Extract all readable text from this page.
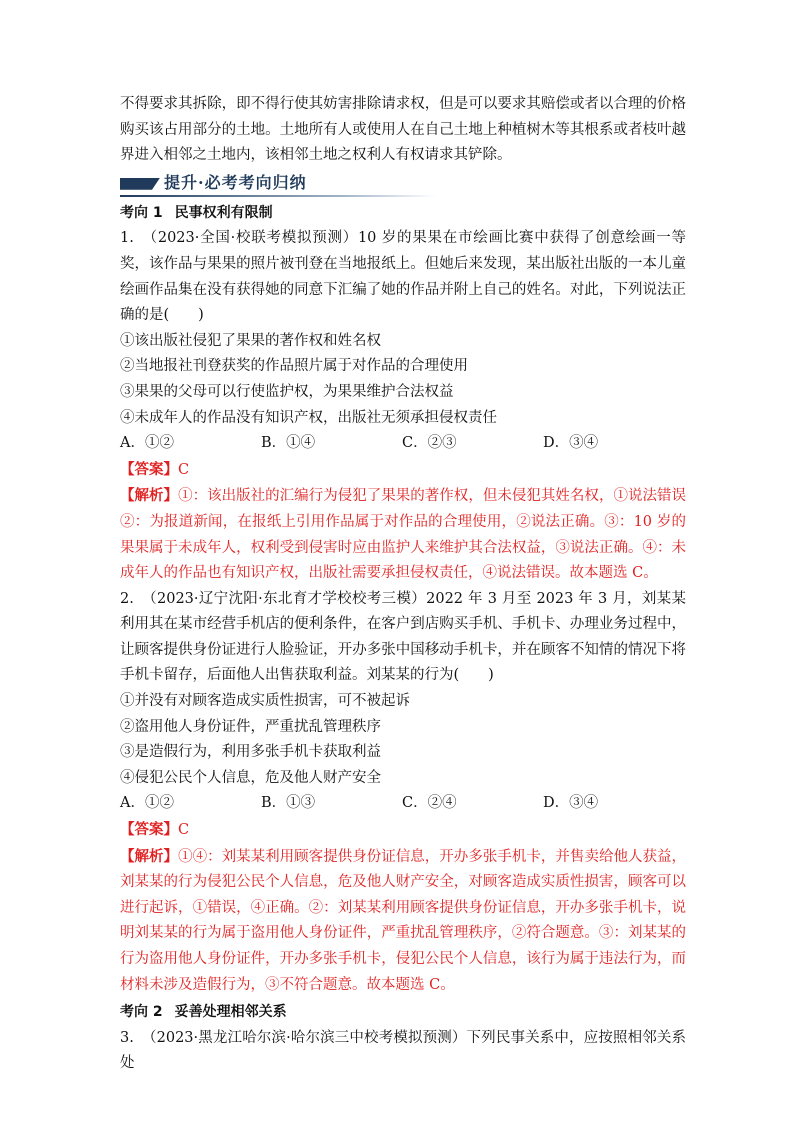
不得要求其拆除，即不得行使其妨害排除请求权，但是可以要求其赔偿或者以合理的价格购买该占用部分的土地。土地所有人或使用人在自己土地上种植树木等其根系或者枝叶越界进入相邻之土地内，该相邻土地之权利人有权请求其铲除。

提升·必考考向归纳

考向 1 民事权利有限制

1. （2023·全国·校联考模拟预测）10 岁的果果在市绘画比赛中获得了创意绘画一等奖，该作品与果果的照片被刊登在当地报纸上。但她后来发现，某出版社出版的一本儿童绘画作品集在没有获得她的同意下汇编了她的作品并附上自己的姓名。对此，下列说法正确的是(　　)

①该出版社侵犯了果果的著作权和姓名权

②当地报社刊登获奖的作品照片属于对作品的合理使用

③果果的父母可以行使监护权，为果果维护合法权益

④未成年人的作品没有知识产权，出版社无须承担侵权责任

A．①②	B．①④	C．②③	D．③④

【答案】C

【解析】①：该出版社的汇编行为侵犯了果果的著作权，但未侵犯其姓名权，①说法错误②：为报道新闻，在报纸上引用作品属于对作品的合理使用，②说法正确。③：10 岁的果果属于未成年人，权利受到侵害时应由监护人来维护其合法权益，③说法正确。④：未成年人的作品也有知识产权，出版社需要承担侵权责任，④说法错误。故本题选 C。

2. （2023·辽宁沈阳·东北育才学校校考三模）2022 年 3 月至 2023 年 3 月，刘某某利用其在某市经营手机店的便利条件，在客户到店购买手机、手机卡、办理业务过程中，让顾客提供身份证进行人脸验证，开办多张中国移动手机卡，并在顾客不知情的情况下将手机卡留存，后面他人出售获取利益。刘某某的行为(　　)

①并没有对顾客造成实质性损害，可不被起诉

②盗用他人身份证件，严重扰乱管理秩序

③是造假行为，利用多张手机卡获取利益

④侵犯公民个人信息，危及他人财产安全

A．①②	B．①③	C．②④	D．③④

【答案】C

【解析】①④：刘某某利用顾客提供身份证信息，开办多张手机卡，并售卖给他人获益，刘某某的行为侵犯公民个人信息，危及他人财产安全，对顾客造成实质性损害，顾客可以进行起诉，①错误，④正确。②：刘某某利用顾客提供身份证信息，开办多张手机卡，说明刘某某的行为属于盗用他人身份证件，严重扰乱管理秩序，②符合题意。③：刘某某的行为盗用他人身份证件，开办多张手机卡，侵犯公民个人信息，该行为属于违法行为，而材料未涉及造假行为，③不符合题意。故本题选 C。

考向 2 妥善处理相邻关系

3. （2023·黑龙江哈尔滨·哈尔滨三中校考模拟预测）下列民事关系中，应按照相邻关系处
